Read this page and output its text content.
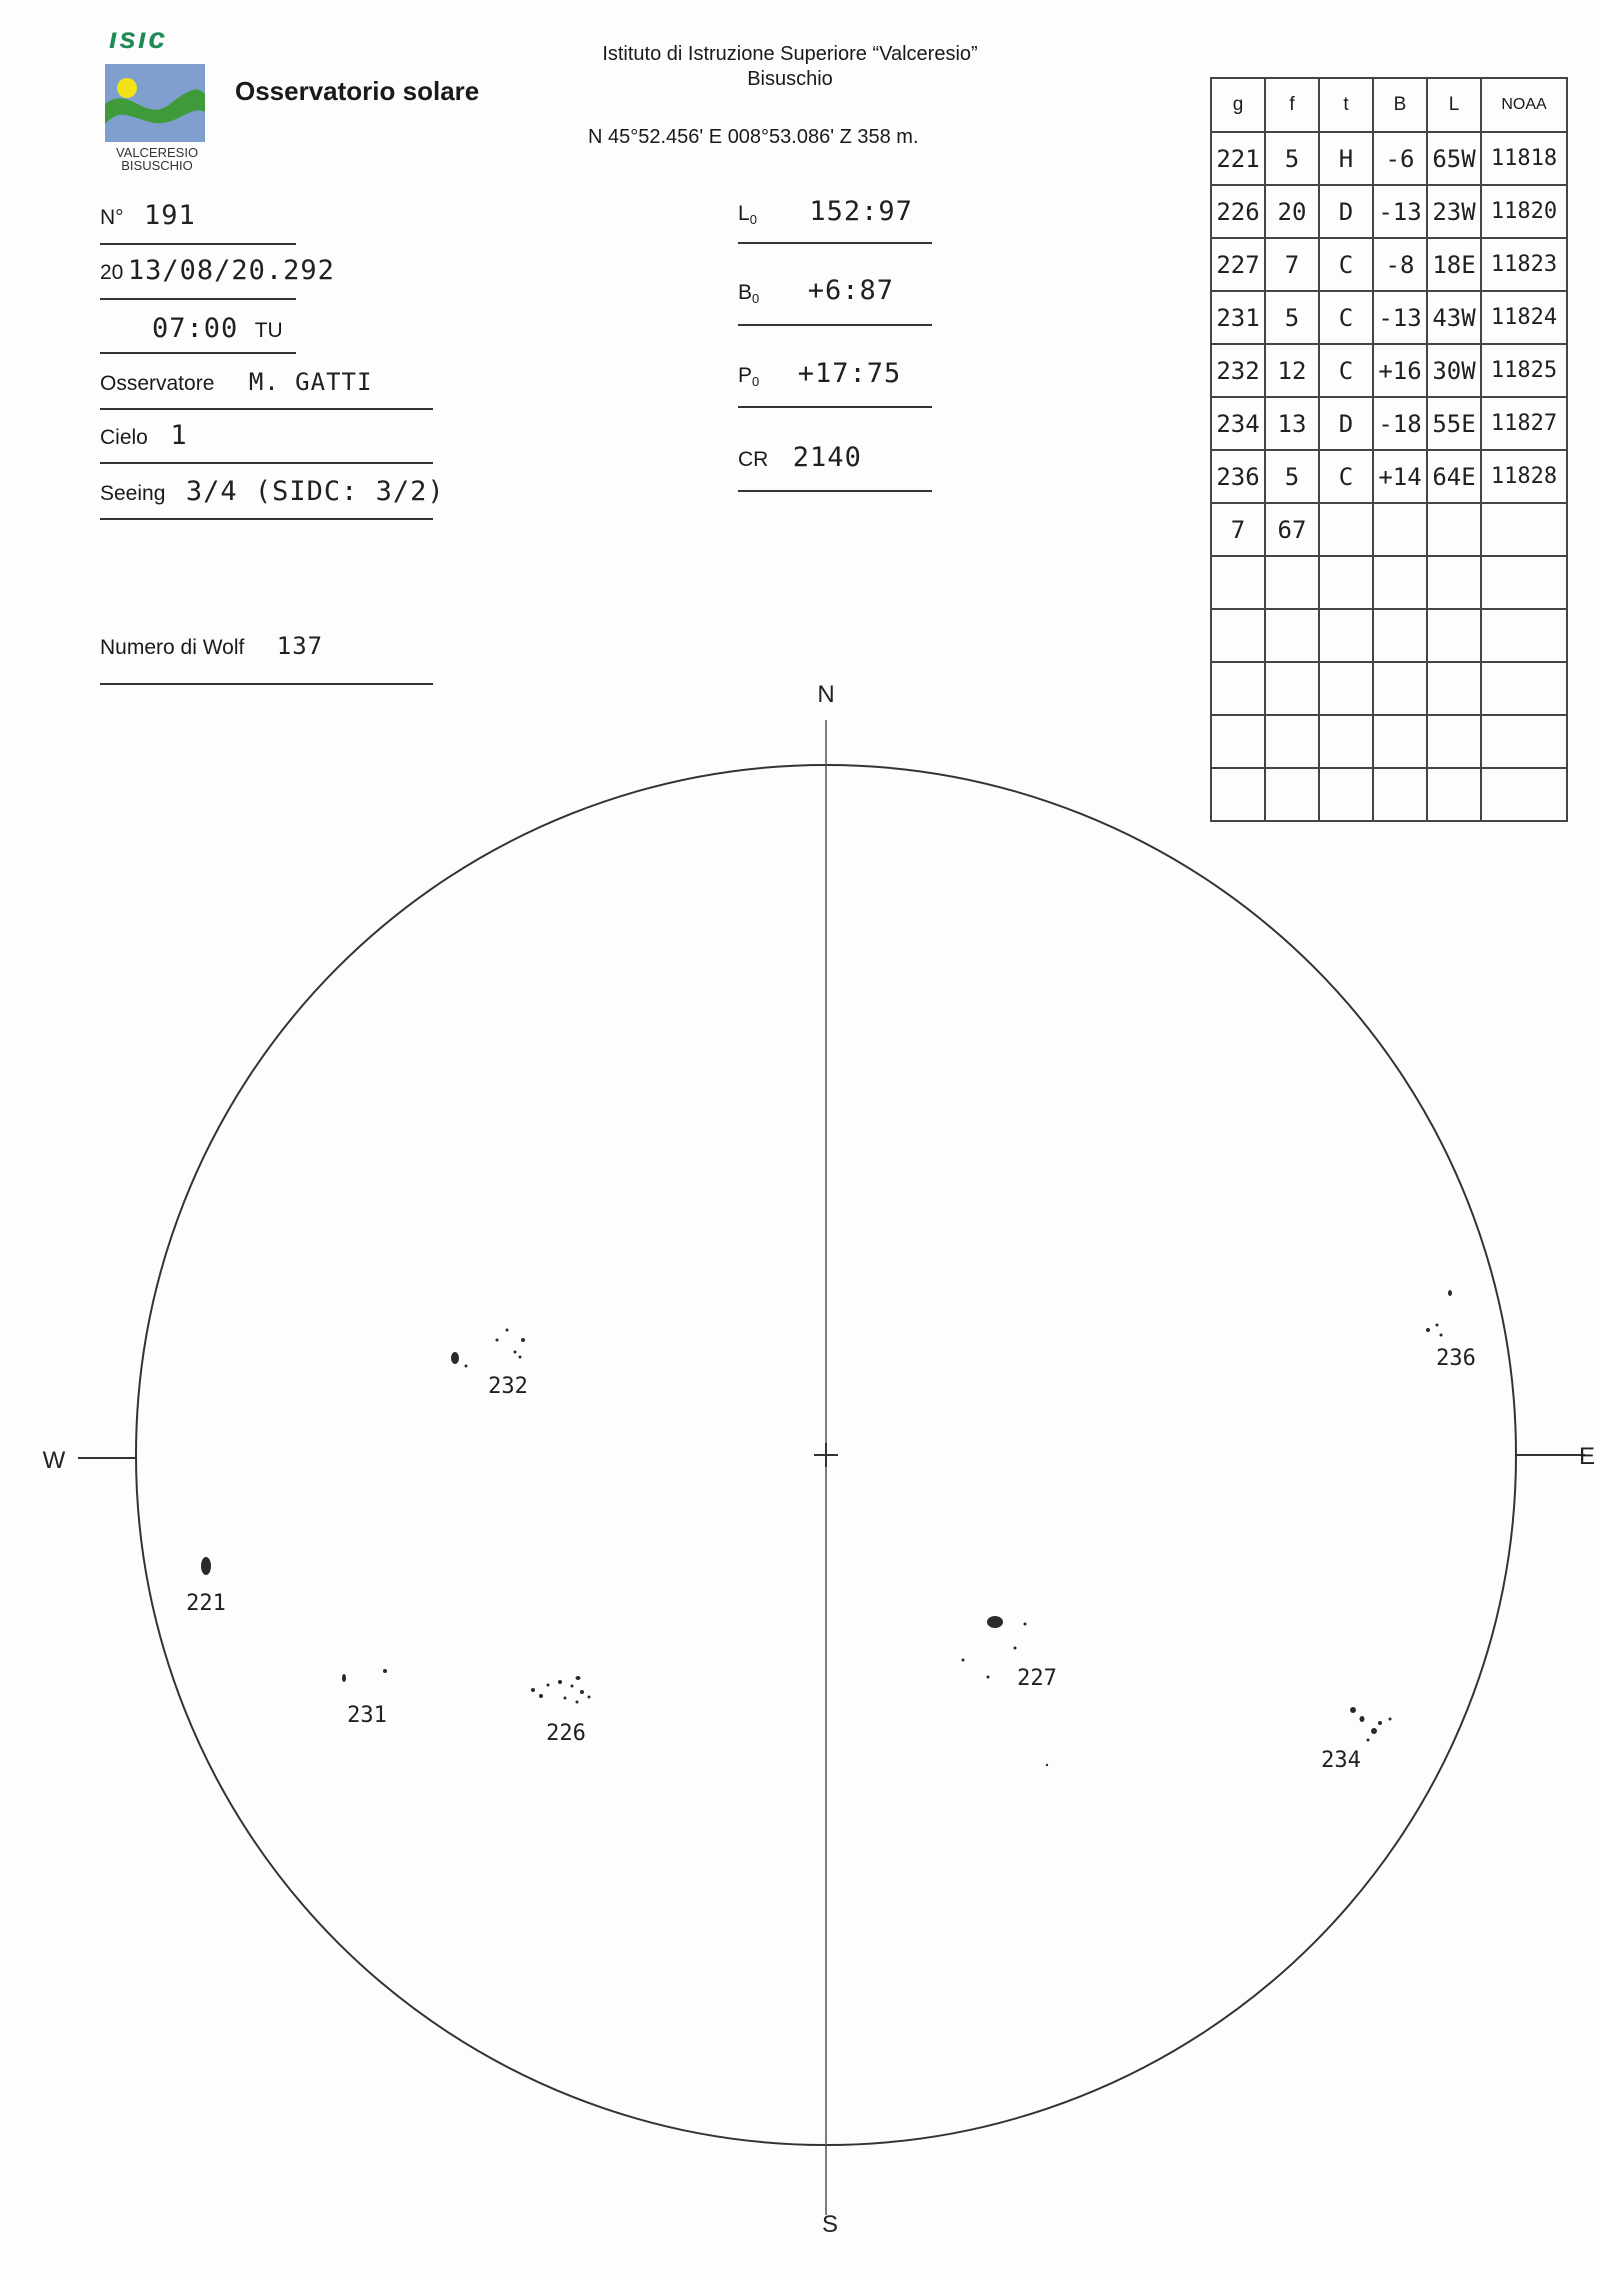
ısıc
VALCERESIO
BISUSCHIO
Osservatorio solare
Istituto di Istruzione Superiore “Valceresio”
Bisuschio
N 45°52.456' E 008°53.086' Z 358 m.
N° 191
20 13/08/20.292
07:00 TU
Osservatore M. GATTI
Cielo 1
Seeing 3/4 (SIDC: 3/2)
Numero di Wolf 137
$L_0$ 152:97
$B_0$ +6:87
$P_0$ +17:75
CR 2140
g	f	t	B	L	NOAA
221	5	H	-6	65W	11818
226	20	D	-13	23W	11820
227	7	C	-8	18E	11823
231	5	C	-13	43W	11824
232	12	C	+16	30W	11825
234	13	D	-18	55E	11827
236	5	C	+14	64E	11828
7	67				

N
S
E
W
232
236
221
231
226
227
234
